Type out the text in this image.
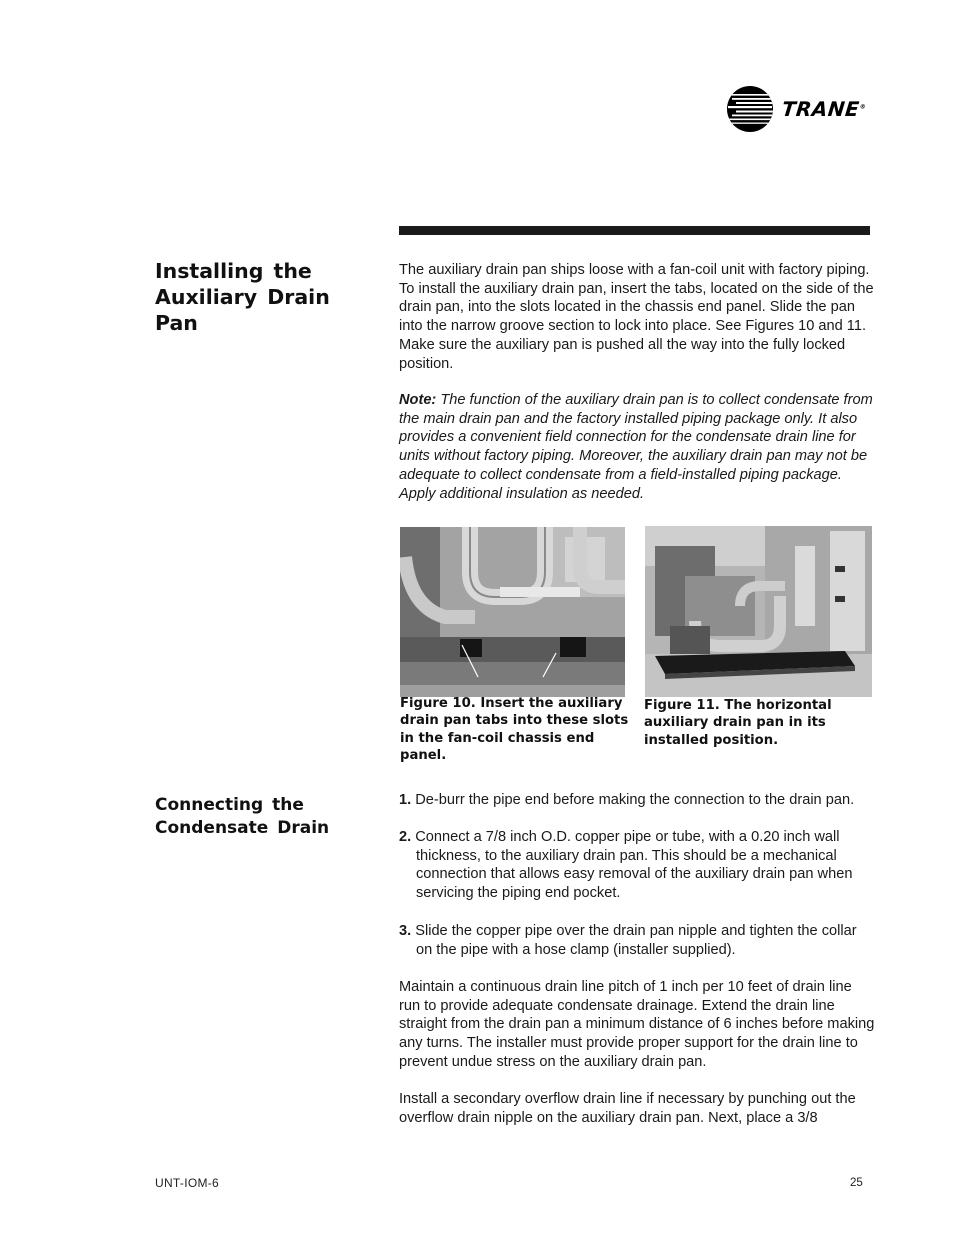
TRANE®
Installing the Auxiliary Drain Pan

The auxiliary drain pan ships loose with a fan-coil unit with factory piping. To install the auxiliary drain pan, insert the tabs, located on the side of the drain pan, into the slots located in the chassis end panel. Slide the pan into the narrow groove section to lock into place. See Figures 10 and 11. Make sure the auxiliary pan is pushed all the way into the fully locked position.

Note: The function of the auxiliary drain pan is to collect condensate from the main drain pan and the factory installed piping package only. It also provides a convenient field connection for the condensate drain line for units without factory piping. Moreover, the auxiliary drain pan may not be adequate to collect condensate from a field-installed piping package. Apply additional insulation as needed.

Figure 10. Insert the auxiliary drain pan tabs into these slots in the fan-coil chassis end panel.
Figure 11. The horizontal auxiliary drain pan in its installed position.
Connecting the Condensate Drain

1. De-burr the pipe end before making the connection to the drain pan.

2. Connect a 7/8 inch O.D. copper pipe or tube, with a 0.20 inch wall thickness, to the auxiliary drain pan. This should be a mechanical connection that allows easy removal of the auxiliary drain pan when servicing the piping end pocket.

3. Slide the copper pipe over the drain pan nipple and tighten the collar on the pipe with a hose clamp (installer supplied).

Maintain a continuous drain line pitch of 1 inch per 10 feet of drain line run to provide adequate condensate drainage. Extend the drain line straight from the drain pan a minimum distance of 6 inches before making any turns. The installer must provide proper support for the drain line to prevent undue stress on the auxiliary drain pan.

Install a secondary overflow drain line if necessary by punching out the overflow drain nipple on the auxiliary drain pan. Next, place a 3/8

UNT-IOM-6	25
